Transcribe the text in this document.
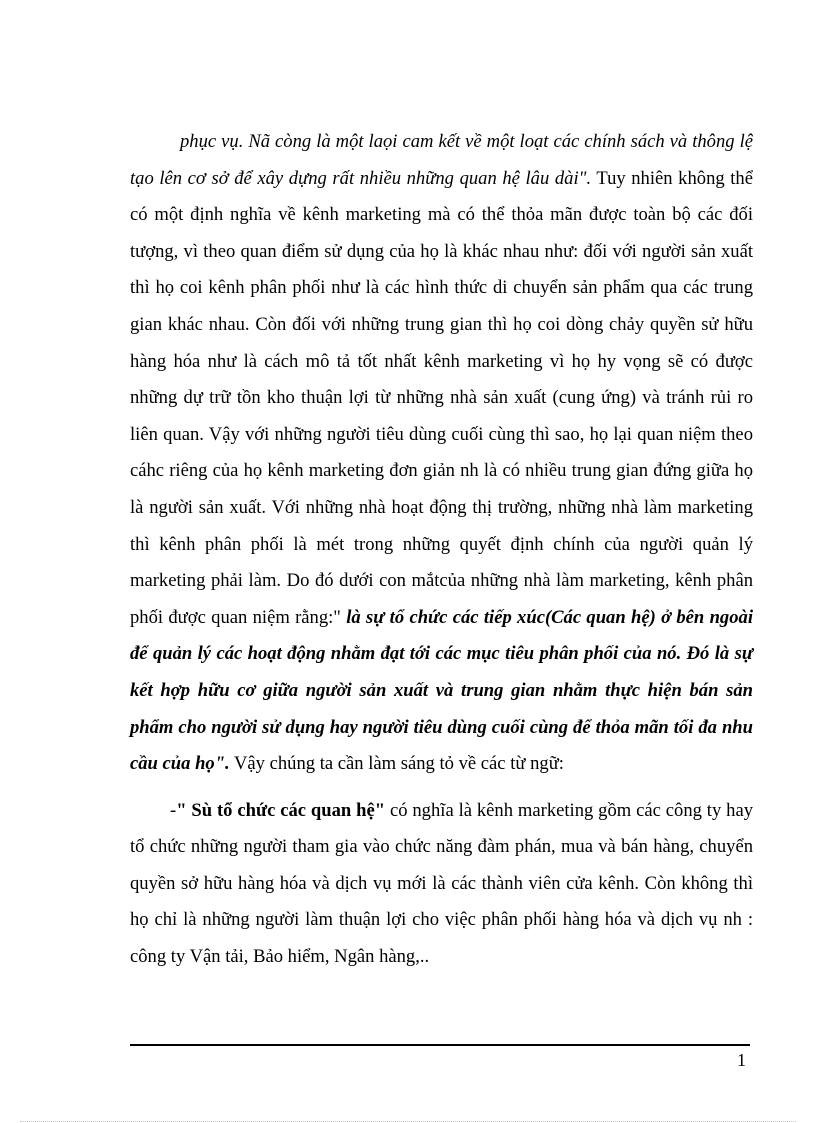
phục vụ. Nã còng là một laọi cam kết về một loạt các chính sách và thông lệ tạo lên cơ sở để xây dựng rất nhiều những quan hệ lâu dài". Tuy nhiên không thể có một định nghĩa về kênh marketing mà có thể thỏa mãn được toàn bộ các đối tượng, vì theo quan điểm sử dụng của họ là khác nhau như: đối với người sản xuất thì họ coi kênh phân phối như là các hình thức di chuyển sản phẩm qua các trung gian khác nhau. Còn đối với những trung gian thì họ coi dòng chảy quyền sử hữu hàng hóa như là cách mô tả tốt nhất kênh marketing vì họ hy vọng sẽ có được những dự trữ tồn kho thuận lợi từ những nhà sản xuất (cung ứng) và tránh rủi ro liên quan. Vậy với những người tiêu dùng cuối cùng thì sao, họ lại quan niệm theo cáhc riêng của họ kênh marketing đơn giản nh là có nhiều trung gian đứng giữa họ là người sản xuất. Với những nhà hoạt động thị trường, những nhà làm marketing thì kênh phân phối là mét trong những quyết định chính của người quản lý marketing phải làm. Do đó dưới con mắtcủa những nhà làm marketing, kênh phân phối được quan niệm rằng:" là sự tổ chức các tiếp xúc(Các quan hệ) ở bên ngoài để quản lý các hoạt động nhằm đạt tới các mục tiêu phân phối của nó. Đó là sự kết hợp hữu cơ giữa người sản xuất và trung gian nhằm thực hiện bán sản phẩm cho người sử dụng hay người tiêu dùng cuối cùng để thỏa mãn tối đa nhu cầu của họ". Vậy chúng ta cần làm sáng tỏ về các từ ngữ:

-" Sù tổ chức các quan hệ" có nghĩa là kênh marketing gồm các công ty hay tổ chức những người tham gia vào chức năng đàm phán, mua và bán hàng, chuyển quyền sở hữu hàng hóa và dịch vụ mới là các thành viên cửa kênh. Còn không thì họ chỉ là những người làm thuận lợi cho việc phân phối hàng hóa và dịch vụ nh : công ty Vận tải, Bảo hiểm, Ngân hàng,..

1
